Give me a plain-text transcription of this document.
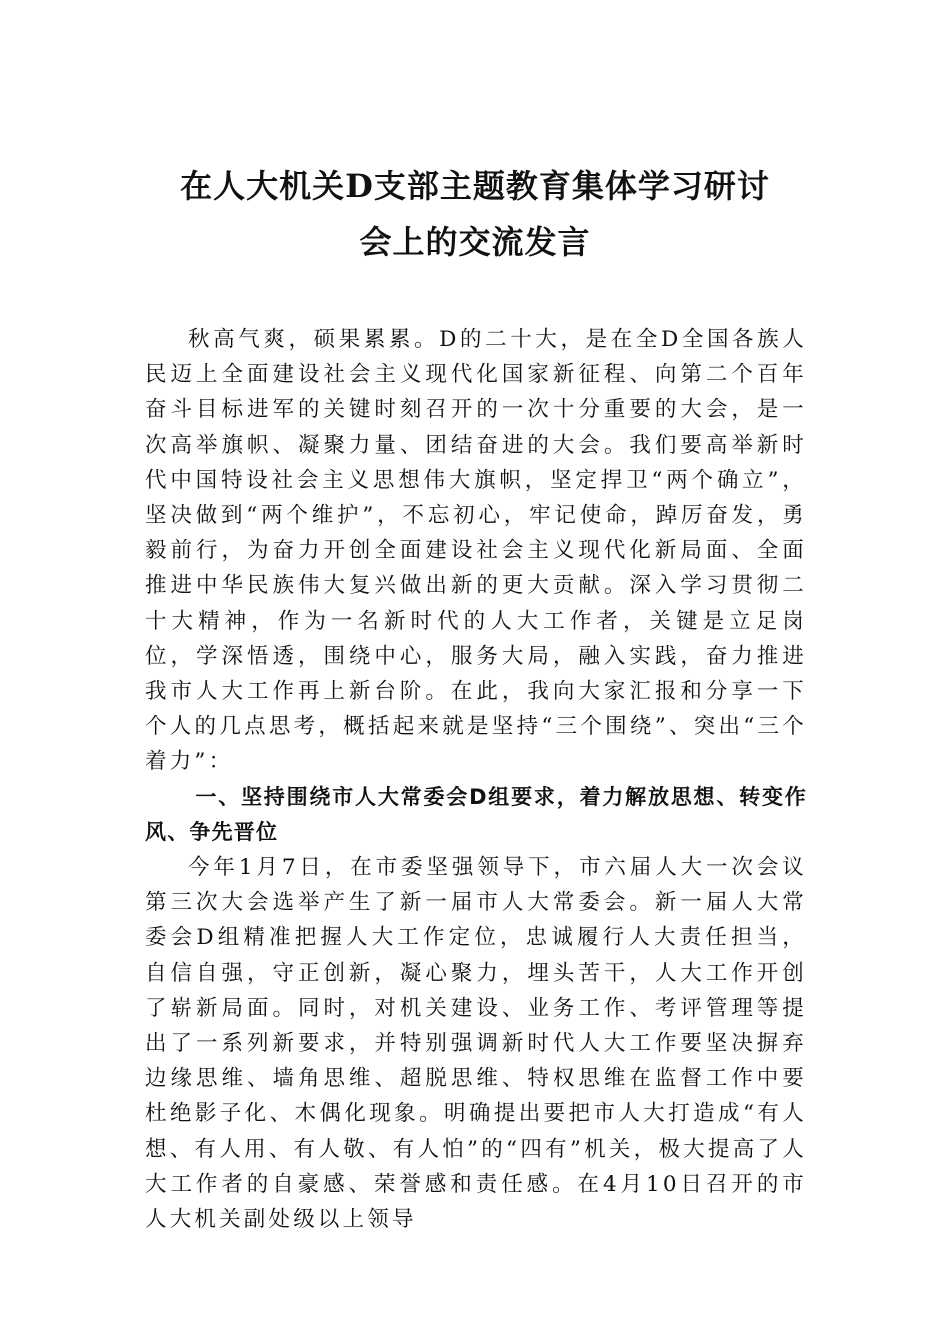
在人大机关D支部主题教育集体学习研讨
会上的交流发言

秋高气爽，硕果累累。D的二十大，是在全D全国各族人民迈上全面建设社会主义现代化国家新征程、向第二个百年奋斗目标进军的关键时刻召开的一次十分重要的大会，是一次高举旗帜、凝聚力量、团结奋进的大会。我们要高举新时代中国特设社会主义思想伟大旗帜，坚定捍卫“两个确立”，坚决做到“两个维护”，不忘初心，牢记使命，踔厉奋发，勇毅前行，为奋力开创全面建设社会主义现代化新局面、全面推进中华民族伟大复兴做出新的更大贡献。深入学习贯彻二十大精神，作为一名新时代的人大工作者，关键是立足岗位，学深悟透，围绕中心，服务大局，融入实践，奋力推进我市人大工作再上新台阶。在此，我向大家汇报和分享一下个人的几点思考，概括起来就是坚持“三个围绕”、突出“三个着力”：

一、坚持围绕市人大常委会D组要求，着力解放思想、转变作风、争先晋位

今年1月7日，在市委坚强领导下，市六届人大一次会议第三次大会选举产生了新一届市人大常委会。新一届人大常委会D组精准把握人大工作定位，忠诚履行人大责任担当，自信自强，守正创新，凝心聚力，埋头苦干，人大工作开创了崭新局面。同时，对机关建设、业务工作、考评管理等提出了一系列新要求，并特别强调新时代人大工作要坚决摒弃边缘思维、墙角思维、超脱思维、特权思维在监督工作中要杜绝影子化、木偶化现象。明确提出要把市人大打造成“有人想、有人用、有人敬、有人怕”的“四有”机关，极大提高了人大工作者的自豪感、荣誉感和责任感。在4月10日召开的市人大机关副处级以上领导
